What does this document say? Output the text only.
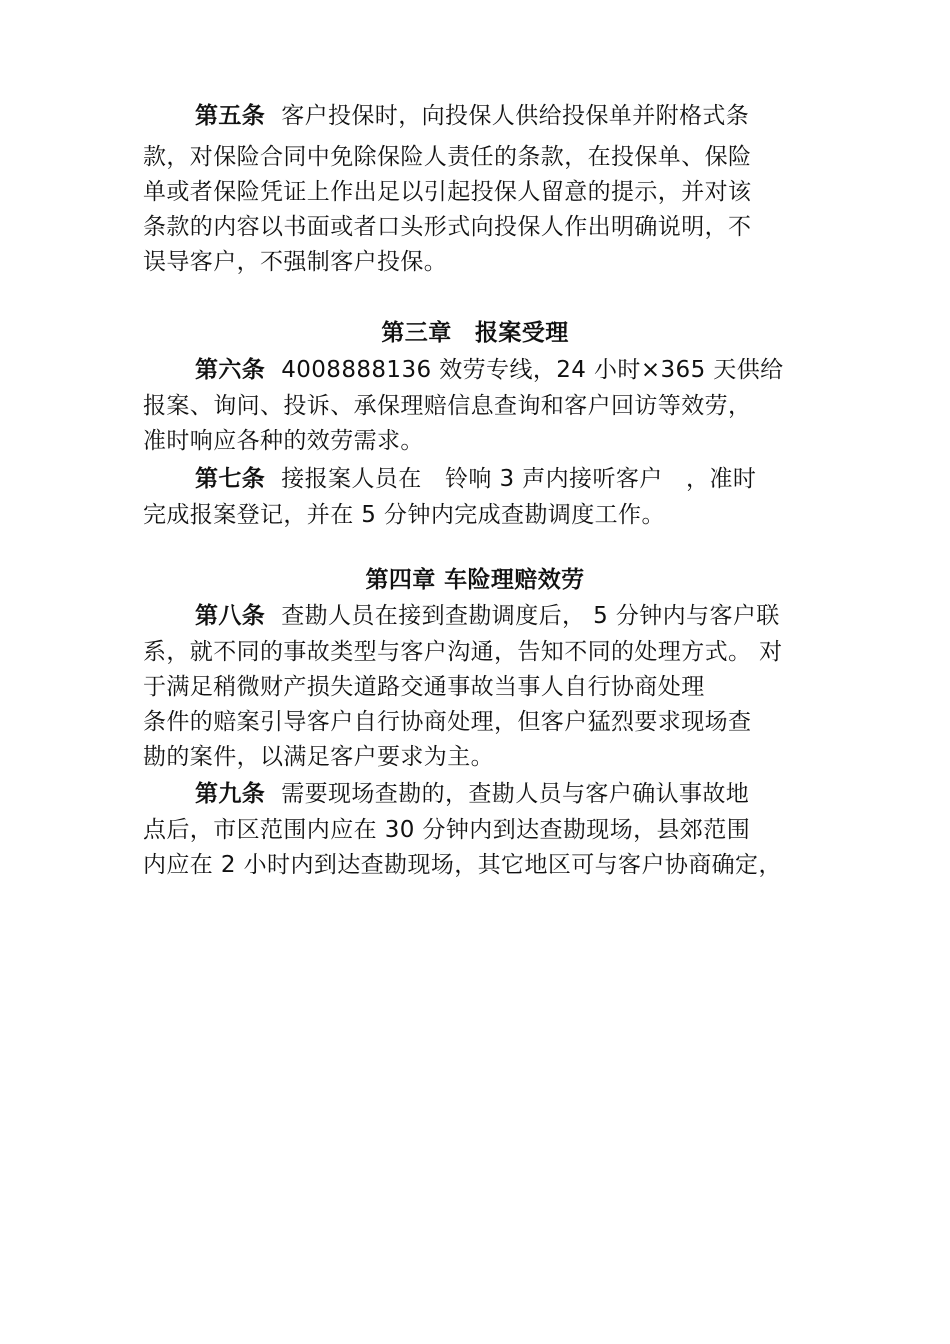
第五条 客户投保时，向投保人供给投保单并附格式条
款，对保险合同中免除保险人责任的条款，在投保单、保险
单或者保险凭证上作出足以引起投保人留意的提示，并对该
条款的内容以书面或者口头形式向投保人作出明确说明，不
误导客户，不强制客户投保。
第三章　报案受理
第六条 4008888136 效劳专线，24 小时×365 天供给
报案、询问、投诉、承保理赔信息查询和客户回访等效劳，
准时响应各种的效劳需求。
第七条 接报案人员在　铃响 3 声内接听客户　，准时
完成报案登记，并在 5 分钟内完成查勘调度工作。
第四章 车险理赔效劳
第八条 查勘人员在接到查勘调度后， 5 分钟内与客户联
系，就不同的事故类型与客户沟通，告知不同的处理方式。 对
于满足稍微财产损失道路交通事故当事人自行协商处理
条件的赔案引导客户自行协商处理，但客户猛烈要求现场查
勘的案件，以满足客户要求为主。
第九条 需要现场查勘的，查勘人员与客户确认事故地
点后，市区范围内应在 30 分钟内到达查勘现场，县郊范围
内应在 2 小时内到达查勘现场，其它地区可与客户协商确定，
